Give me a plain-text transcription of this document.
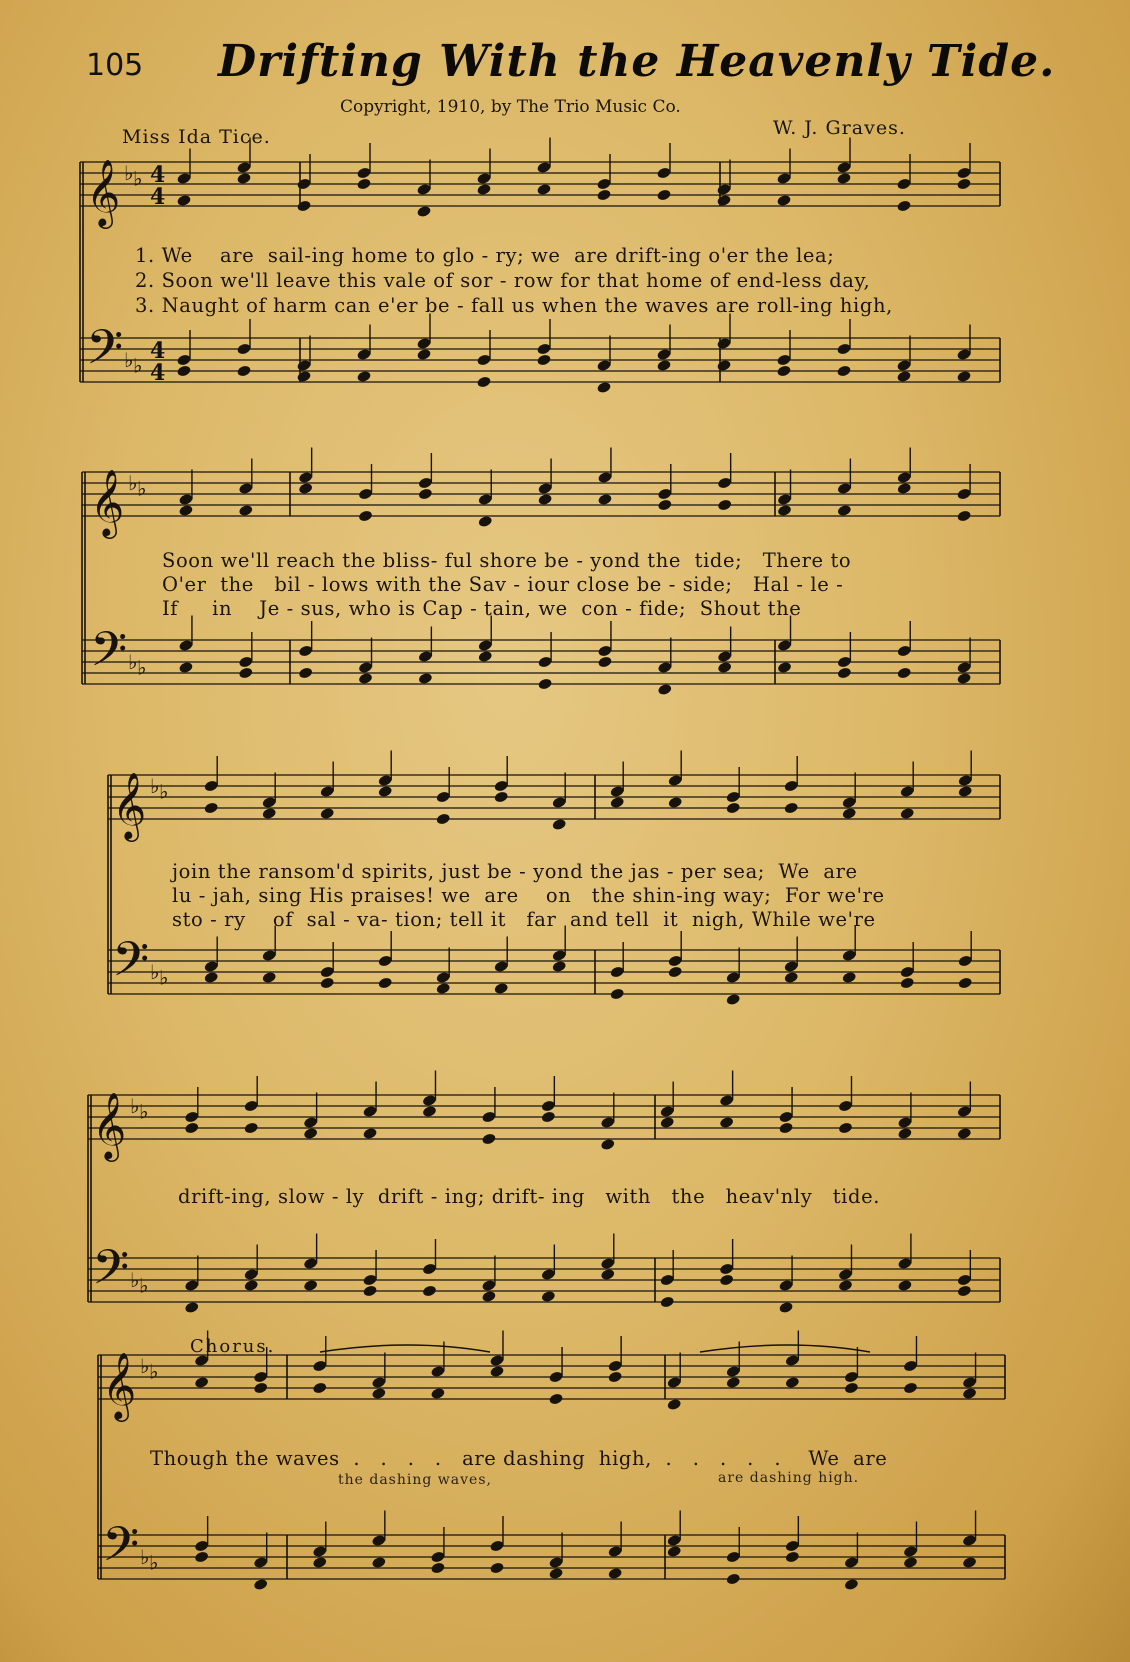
𝄞
𝄢
♭
♭
♭
♭
𝄞
𝄢
♭
♭
♭
♭
𝄞
𝄢
♭
♭
♭
♭
𝄞
𝄢
♭
♭
♭
♭
𝄞
𝄢
♭
♭
♭
♭
4
4
4
4
105 Drifting With the Heavenly Tide.
Copyright, 1910, by The Trio Music Co.
Miss Ida Tice.	W. J. Graves.
1. We    are  sail-ing home to glo - ry; we  are drift-ing o'er the lea;
2. Soon we'll leave this vale of sor - row for that home of end-less day,
3. Naught of harm can e'er be - fall us when the waves are roll-ing high,
Soon we'll reach the bliss- ful shore be - yond the  tide;   There to
O'er  the   bil - lows with the Sav - iour close be - side;   Hal - le -
If     in    Je - sus, who is Cap - tain, we  con - fide;  Shout the
join the ransom'd spirits, just be - yond the jas - per sea;  We  are
lu - jah, sing His praises! we  are    on   the shin-ing way;  For we're
sto - ry    of  sal - va- tion; tell it   far  and tell  it  nigh, While we're
drift-ing, slow - ly  drift - ing; drift- ing   with   the   heav'nly   tide.
Chorus.
Though the waves  .   .   .   .   are dashing  high,  .   .   .   .   .    We  are
the dashing waves,	are dashing high.
